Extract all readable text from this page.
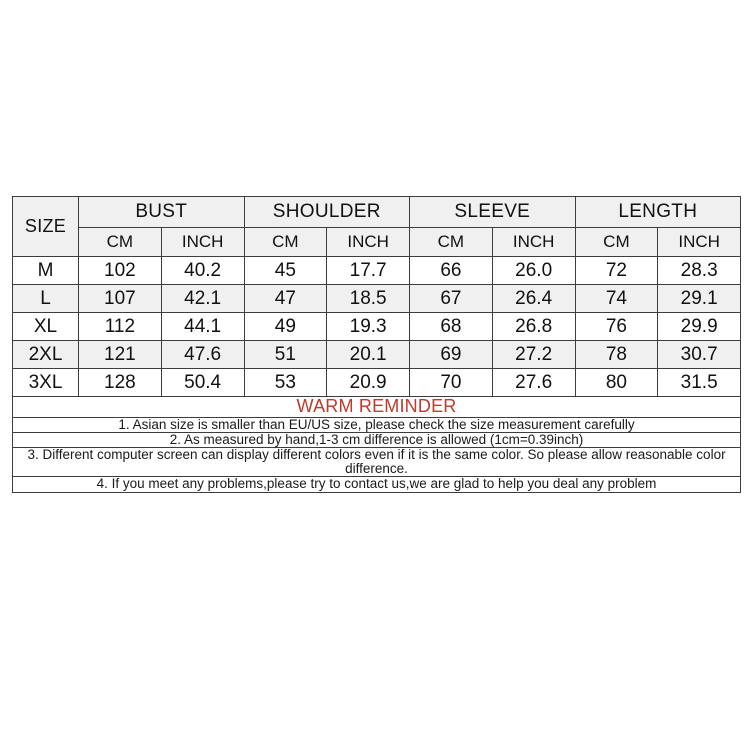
SIZE	BUST		SHOULDER		SLEEVE		LENGTH	
	CM	INCH	CM	INCH	CM	INCH	CM	INCH
M	102	40.2	45	17.7	66	26.0	72	28.3
L	107	42.1	47	18.5	67	26.4	74	29.1
XL	112	44.1	49	19.3	68	26.8	76	29.9
2XL	121	47.6	51	20.1	69	27.2	78	30.7
3XL	128	50.4	53	20.9	70	27.6	80	31.5

WARM REMINDER								

1. Asian size is smaller than EU/US size, please check the size measurement carefully								

2. As measured by hand,1-3 cm difference is allowed (1cm=0.39inch)								

3. Different computer screen can display different colors even if it is the same color. So please allow reasonable color difference.								

4. If you meet any problems,please try to contact us,we are glad to help you deal any problem								
